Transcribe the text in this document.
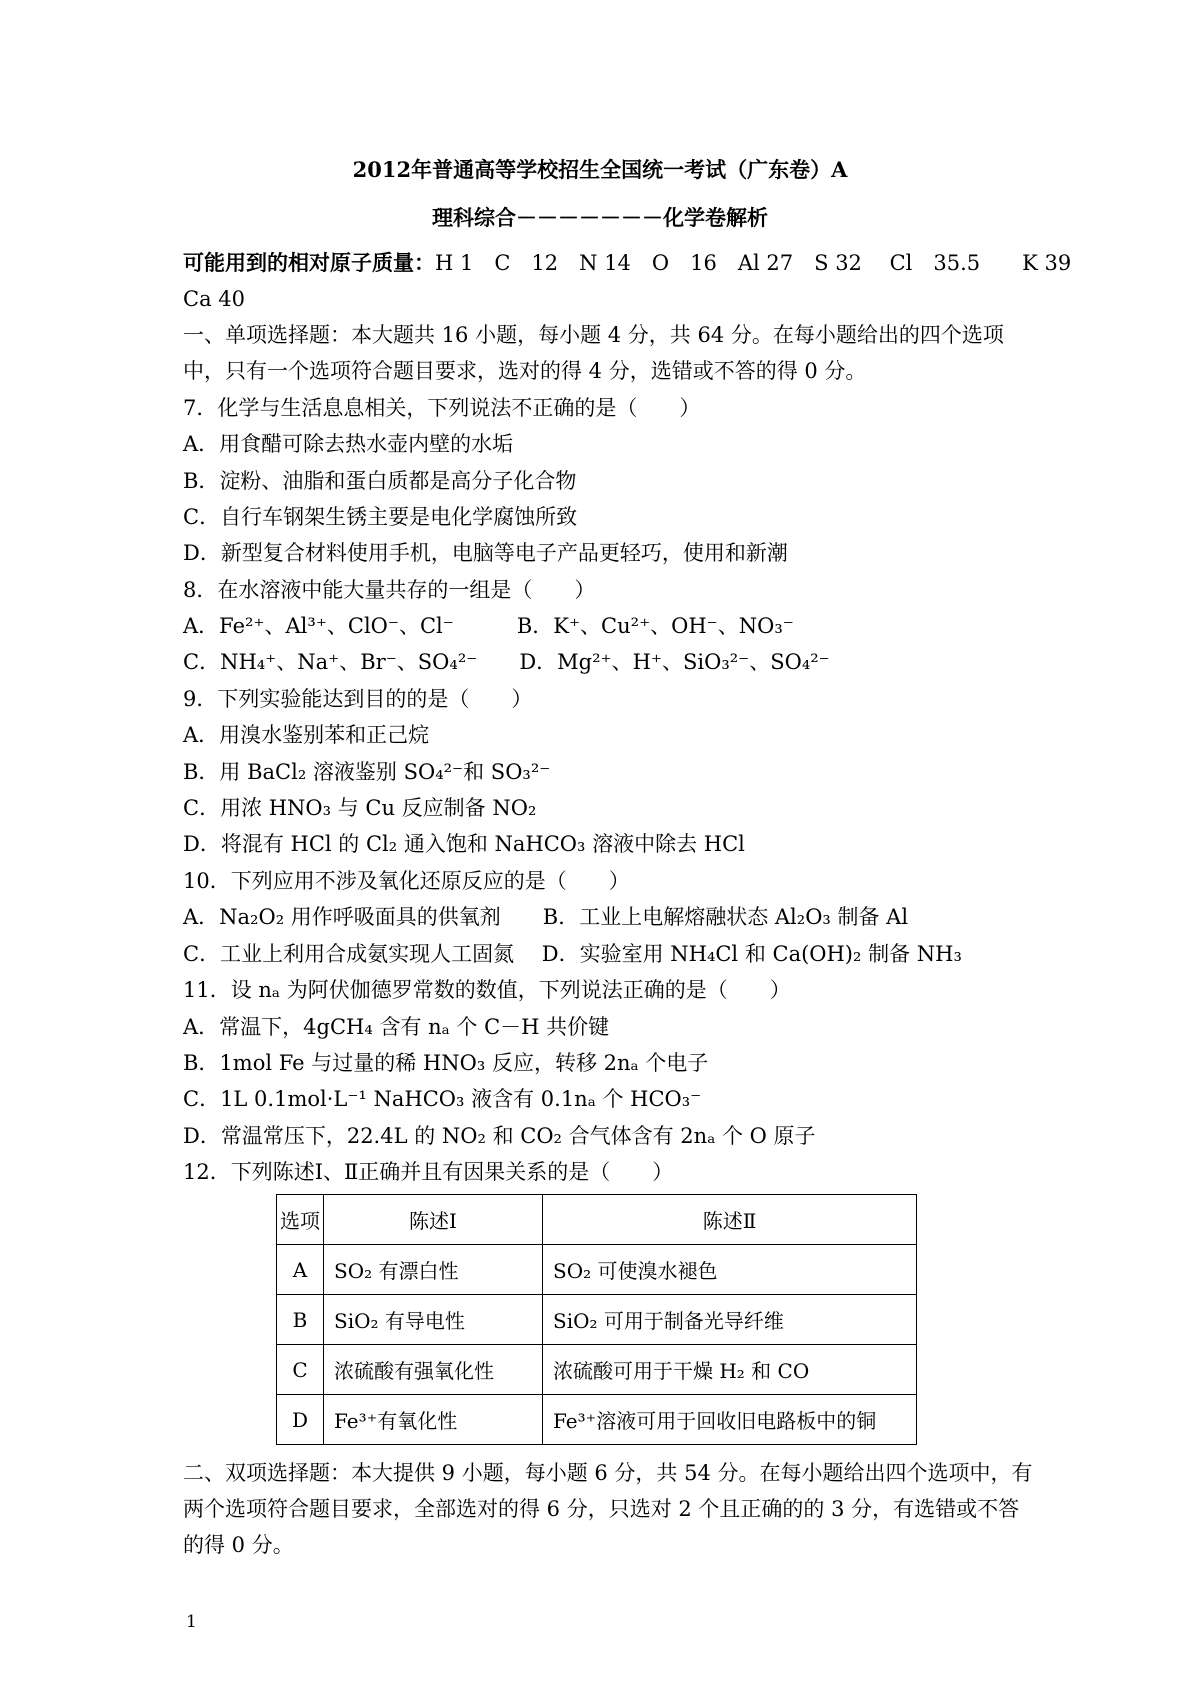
2012年普通高等学校招生全国统一考试（广东卷）A
理科综合－－－－－－－化学卷解析
可能用到的相对原子质量：H 1　C　12　N 14　O　16　Al 27　S 32　 Cl　35.5　　K 39
Ca 40
一、单项选择题：本大题共 16 小题，每小题 4 分，共 64 分。在每小题给出的四个选项
中，只有一个选项符合题目要求，选对的得 4 分，选错或不答的得 0 分。
7．化学与生活息息相关，下列说法不正确的是（　　）
A．用食醋可除去热水壶内壁的水垢
B．淀粉、油脂和蛋白质都是高分子化合物
C．自行车钢架生锈主要是电化学腐蚀所致
D．新型复合材料使用手机，电脑等电子产品更轻巧，使用和新潮
8．在水溶液中能大量共存的一组是（　　）
A．Fe²⁺、Al³⁺、ClO⁻、Cl⁻　　　B．K⁺、Cu²⁺、OH⁻、NO₃⁻
C．NH₄⁺、Na⁺、Br⁻、SO₄²⁻　　D．Mg²⁺、H⁺、SiO₃²⁻、SO₄²⁻
9．下列实验能达到目的的是（　　）
A．用溴水鉴别苯和正己烷
B．用 BaCl₂ 溶液鉴别 SO₄²⁻和 SO₃²⁻
C．用浓 HNO₃ 与 Cu 反应制备 NO₂
D．将混有 HCl 的 Cl₂ 通入饱和 NaHCO₃ 溶液中除去 HCl
10．下列应用不涉及氧化还原反应的是（　　）
A．Na₂O₂ 用作呼吸面具的供氧剂　　B．工业上电解熔融状态 Al₂O₃ 制备 Al
C．工业上利用合成氨实现人工固氮　 D．实验室用 NH₄Cl 和 Ca(OH)₂ 制备 NH₃
11．设 nₐ 为阿伏伽德罗常数的数值，下列说法正确的是（　　）
A．常温下，4gCH₄ 含有 nₐ 个 C－H 共价键
B．1mol Fe 与过量的稀 HNO₃ 反应，转移 2nₐ 个电子
C．1L 0.1mol·L⁻¹ NaHCO₃ 液含有 0.1nₐ 个 HCO₃⁻
D．常温常压下，22.4L 的 NO₂ 和 CO₂ 合气体含有 2nₐ 个 O 原子
12．下列陈述Ⅰ、Ⅱ正确并且有因果关系的是（　　）
选项	陈述Ⅰ	陈述Ⅱ
A	SO₂ 有漂白性	SO₂ 可使溴水褪色
B	SiO₂ 有导电性	SiO₂ 可用于制备光导纤维
C	浓硫酸有强氧化性	浓硫酸可用于干燥 H₂ 和 CO
D	Fe³⁺有氧化性	Fe³⁺溶液可用于回收旧电路板中的铜
二、双项选择题：本大提供 9 小题，每小题 6 分，共 54 分。在每小题给出四个选项中，有
两个选项符合题目要求，全部选对的得 6 分，只选对 2 个且正确的的 3 分，有选错或不答
的得 0 分。
1
